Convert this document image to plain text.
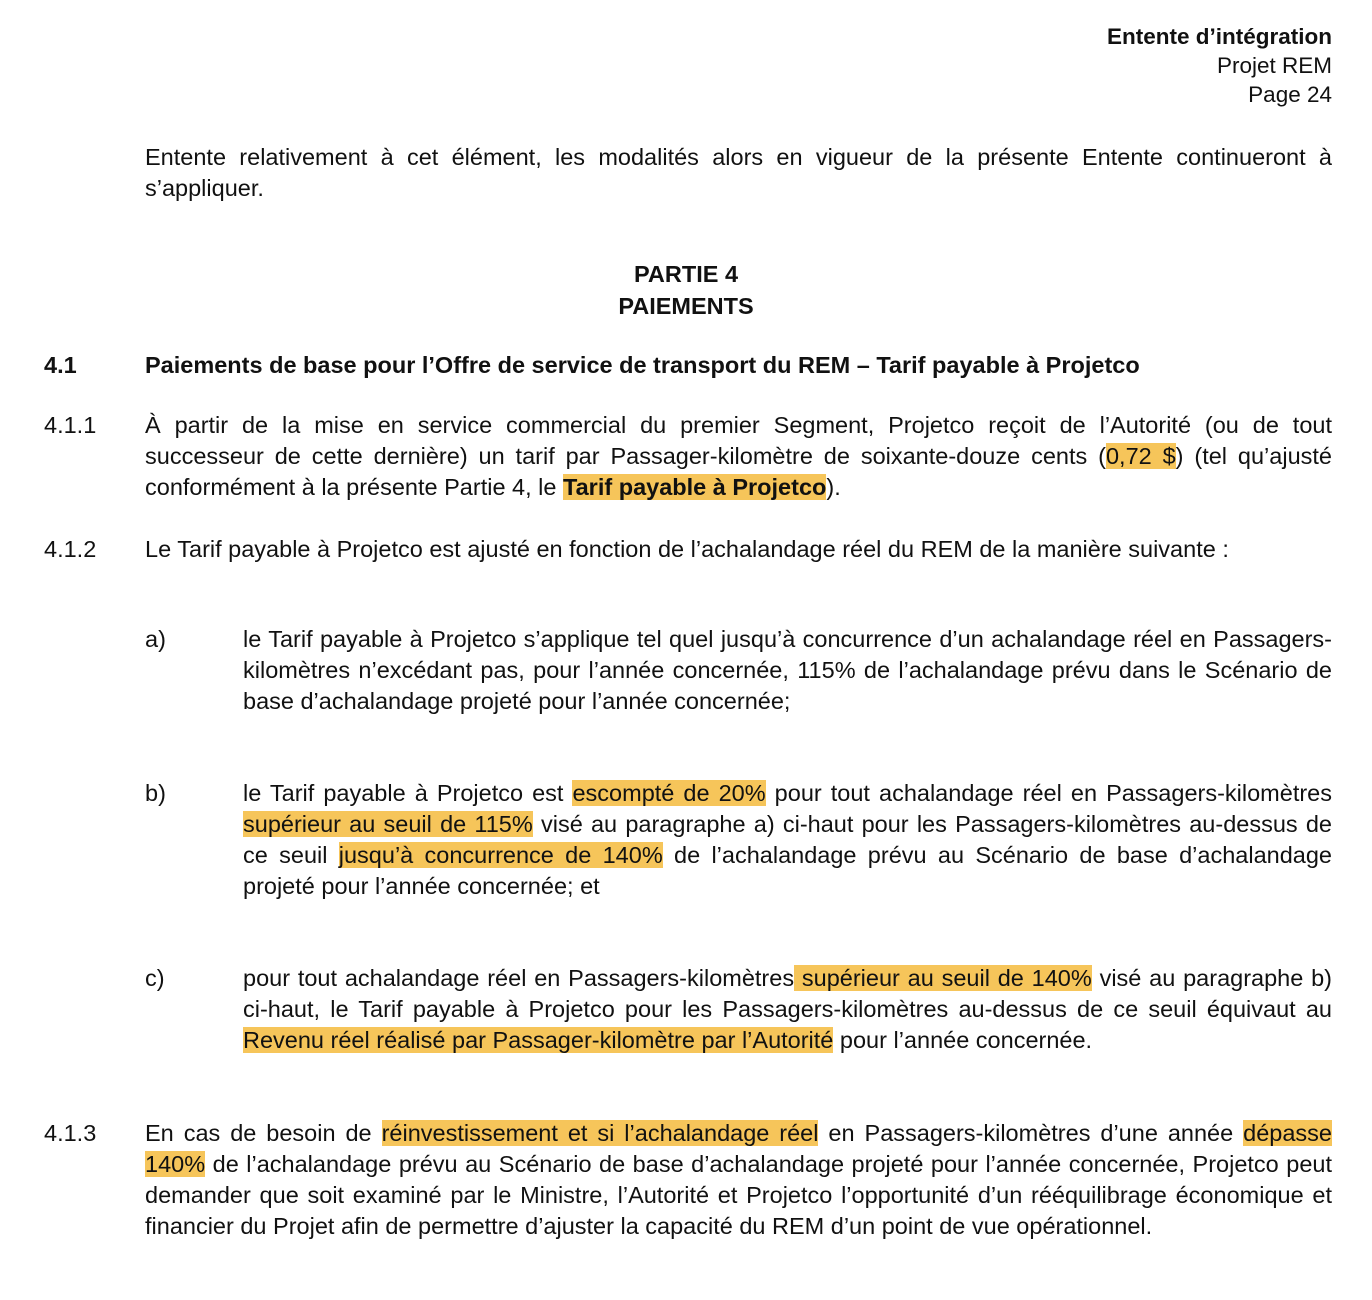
Entente d’intégration
Projet REM
Page 24
Entente relativement à cet élément, les modalités alors en vigueur de la présente Entente continueront à s’appliquer.
PARTIE 4
PAIEMENTS
4.1	Paiements de base pour l’Offre de service de transport du REM – Tarif payable à Projetco
4.1.1 À partir de la mise en service commercial du premier Segment, Projetco reçoit de l’Autorité (ou de tout successeur de cette dernière) un tarif par Passager-kilomètre de soixante-douze cents (0,72 $) (tel qu’ajusté conformément à la présente Partie 4, le Tarif payable à Projetco).
4.1.2 Le Tarif payable à Projetco est ajusté en fonction de l’achalandage réel du REM de la manière suivante :
a)	le Tarif payable à Projetco s’applique tel quel jusqu’à concurrence d’un achalandage réel en Passagers-kilomètres n’excédant pas, pour l’année concernée, 115% de l’achalandage prévu dans le Scénario de base d’achalandage projeté pour l’année concernée;
b)	le Tarif payable à Projetco est escompté de 20% pour tout achalandage réel en Passagers-kilomètres supérieur au seuil de 115% visé au paragraphe a) ci-haut pour les Passagers-kilomètres au-dessus de ce seuil jusqu’à concurrence de 140% de l’achalandage prévu au Scénario de base d’achalandage projeté pour l’année concernée; et
c)	pour tout achalandage réel en Passagers-kilomètres supérieur au seuil de 140% visé au paragraphe b) ci-haut, le Tarif payable à Projetco pour les Passagers-kilomètres au-dessus de ce seuil équivaut au Revenu réel réalisé par Passager-kilomètre par l’Autorité pour l’année concernée.
4.1.3 En cas de besoin de réinvestissement et si l’achalandage réel en Passagers-kilomètres d’une année dépasse 140% de l’achalandage prévu au Scénario de base d’achalandage projeté pour l’année concernée, Projetco peut demander que soit examiné par le Ministre, l’Autorité et Projetco l’opportunité d’un rééquilibrage économique et financier du Projet afin de permettre d’ajuster la capacité du REM d’un point de vue opérationnel.
